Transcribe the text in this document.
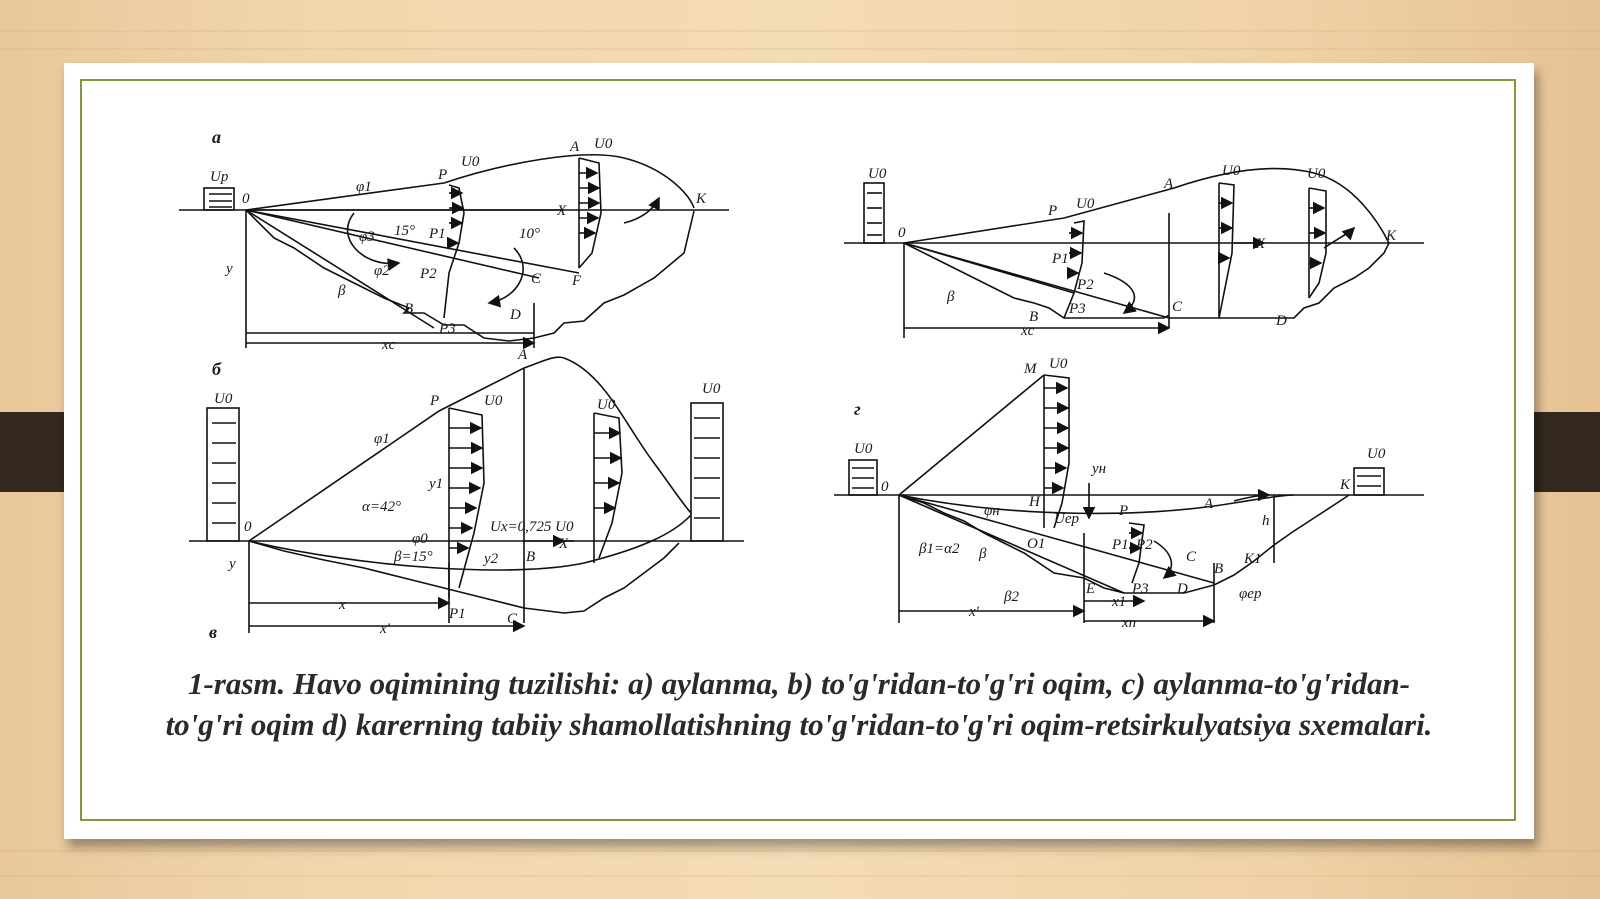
a
Up
0
P
U0
A U0
K
X
y
φ1
φ3
φ2
15°	10°
P1
P2
P3
β
B
C F
D
xc
U0
0
P U0
A
U0	U0
K
X
P1
P2
P3
β
B
C
D
xc
б
в
U0
0
P	U0
A
U0
U0
φ1
α=42°
φ0
β=15°
Ux=0,725 U0
B
X
y
y1
y2
P1	C
x
x'
г
M U0
U0	U0
0	K
H
yн
φн	Uep	P	A
O1
β1=α2 β
β2
P1 P2
C
E P3 D
B
K1
φep
h
x'
x1
xп
1-rasm. Havo oqimining tuzilishi: a) aylanma, b) to'g'ridan-to'g'ri oqim, c) aylanma-to'g'ridan-to'g'ri oqim d) karerning tabiiy shamollatishning to'g'ridan-to'g'ri oqim-retsirkulyatsiya sxemalari.
